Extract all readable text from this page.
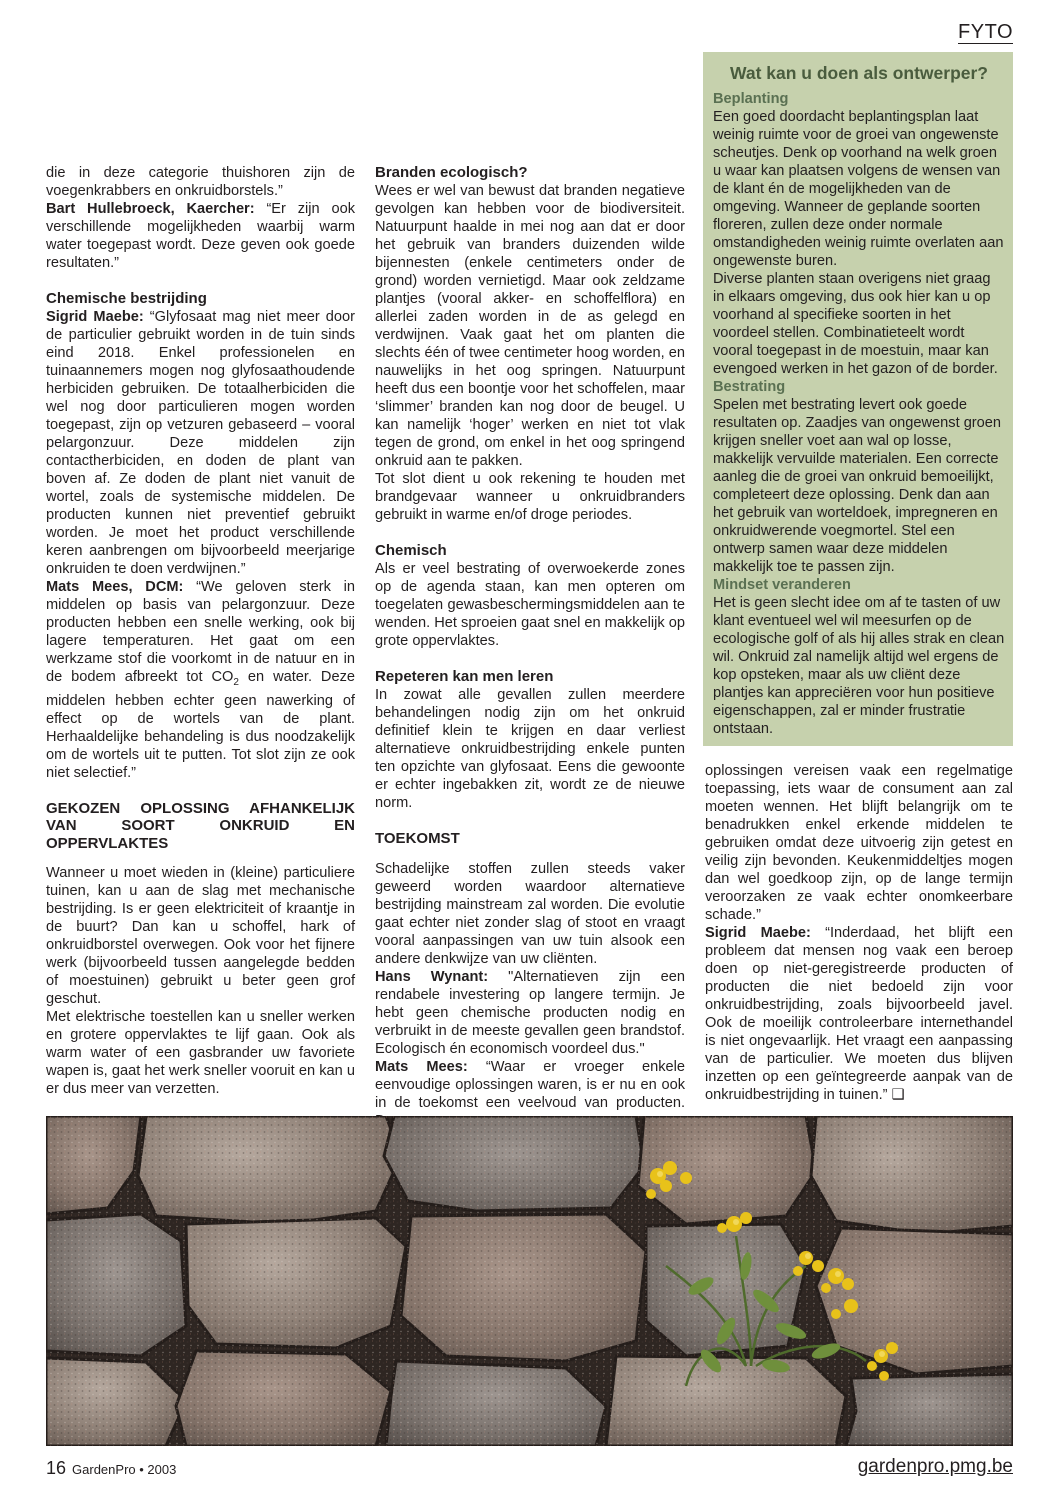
FYTO

die in deze categorie thuishoren zijn de voegenkrabbers en onkruidborstels.”

Bart Hullebroeck, Kaercher: “Er zijn ook verschillende mogelijkheden waarbij warm water toegepast wordt. Deze geven ook goede resultaten.”

Chemische bestrijding

Sigrid Maebe: “Glyfosaat mag niet meer door de particulier gebruikt worden in de tuin sinds eind 2018. Enkel professionelen en tuinaannemers mogen nog glyfosaathoudende herbiciden gebruiken. De totaalherbiciden die wel nog door particulieren mogen worden toegepast, zijn op vetzuren gebaseerd – vooral pelargonzuur. Deze middelen zijn contactherbiciden, en doden de plant van boven af. Ze doden de plant niet vanuit de wortel, zoals de systemische middelen. De producten kunnen niet preventief gebruikt worden. Je moet het product verschillende keren aanbrengen om bijvoorbeeld meerjarige onkruiden te doen verdwijnen.”

Mats Mees, DCM: “We geloven sterk in middelen op basis van pelargonzuur. Deze producten hebben een snelle werking, ook bij lagere temperaturen. Het gaat om een werkzame stof die voorkomt in de natuur en in de bodem afbreekt tot $CO_2$ en water. Deze middelen hebben echter geen nawerking of effect op de wortels van de plant. Herhaaldelijke behandeling is dus noodzakelijk om de wortels uit te putten. Tot slot zijn ze ook niet selectief.”

GEKOZEN OPLOSSING AFHANKELIJK VAN SOORT ONKRUID EN OPPERVLAKTES

Wanneer u moet wieden in (kleine) particuliere tuinen, kan u aan de slag met mechanische bestrijding. Is er geen elektriciteit of kraantje in de buurt? Dan kan u schoffel, hark of onkruidborstel overwegen. Ook voor het fijnere werk (bijvoorbeeld tussen aangelegde bedden of moestuinen) gebruikt u beter geen grof geschut.

Met elektrische toestellen kan u sneller werken en grotere oppervlaktes te lijf gaan. Ook als warm water of een gasbrander uw favoriete wapen is, gaat het werk sneller vooruit en kan u er dus meer van verzetten.

Branden ecologisch?

Wees er wel van bewust dat branden negatieve gevolgen kan hebben voor de biodiversiteit. Natuurpunt haalde in mei nog aan dat er door het gebruik van branders duizenden wilde bijennesten (enkele centimeters onder de grond) worden vernietigd. Maar ook zeldzame plantjes (vooral akker- en schoffelflora) en allerlei zaden worden in de as gelegd en verdwijnen. Vaak gaat het om planten die slechts één of twee centimeter hoog worden, en nauwelijks in het oog springen. Natuurpunt heeft dus een boontje voor het schoffelen, maar ‘slimmer’ branden kan nog door de beugel. U kan namelijk ‘hoger’ werken en niet tot vlak tegen de grond, om enkel in het oog springend onkruid aan te pakken.

Tot slot dient u ook rekening te houden met brandgevaar wanneer u onkruidbranders gebruikt in warme en/of droge periodes.

Chemisch

Als er veel bestrating of overwoekerde zones op de agenda staan, kan men opteren om toegelaten gewasbeschermingsmiddelen aan te wenden. Het sproeien gaat snel en makkelijk op grote oppervlaktes.

Repeteren kan men leren

In zowat alle gevallen zullen meerdere behandelingen nodig zijn om het onkruid definitief klein te krijgen en daar verliest alternatieve onkruidbestrijding enkele punten ten opzichte van glyfosaat. Eens die gewoonte er echter ingebakken zit, wordt ze de nieuwe norm.

TOEKOMST

Schadelijke stoffen zullen steeds vaker geweerd worden waardoor alternatieve bestrijding mainstream zal worden. Die evolutie gaat echter niet zonder slag of stoot en vraagt vooral aanpassingen van uw tuin alsook een andere denkwijze van uw cliënten.

Hans Wynant: "Alternatieven zijn een rendabele investering op langere termijn. Je hebt geen chemische producten nodig en verbruikt in de meeste gevallen geen brandstof. Ecologisch én economisch voordeel dus."

Mats Mees: “Waar er vroeger enkele eenvoudige oplossingen waren, is er nu en ook in de toekomst een veelvoud van producten.

Wat kan u doen als ontwerper?
Beplanting

Een goed doordacht beplantingsplan laat weinig ruimte voor de groei van ongewenste scheutjes. Denk op voorhand na welk groen u waar kan plaatsen volgens de wensen van de klant én de mogelijkheden van de omgeving. Wanneer de geplande soorten floreren, zullen deze onder normale omstandigheden weinig ruimte overlaten aan ongewenste buren.

Diverse planten staan overigens niet graag in elkaars omgeving, dus ook hier kan u op voorhand al specifieke soorten in het voordeel stellen. Combinatieteelt wordt vooral toegepast in de moestuin, maar kan evengoed werken in het gazon of de border.

Bestrating

Spelen met bestrating levert ook goede resultaten op. Zaadjes van ongewenst groen krijgen sneller voet aan wal op losse, makkelijk vervuilde materialen. Een correcte aanleg die de groei van onkruid bemoeilijkt, completeert deze oplossing. Denk dan aan het gebruik van worteldoek, impregneren en onkruidwerende voegmortel. Stel een ontwerp samen waar deze middelen makkelijk toe te passen zijn.

Mindset veranderen

Het is geen slecht idee om af te tasten of uw klant eventueel wel wil meesurfen op de ecologische golf of als hij alles strak en clean wil. Onkruid zal namelijk altijd wel ergens de kop opsteken, maar als uw cliënt deze plantjes kan appreciëren voor hun positieve eigenschappen, zal er minder frustratie ontstaan.

oplossingen vereisen vaak een regelmatige toepassing, iets waar de consument aan zal moeten wennen. Het blijft belangrijk om te benadrukken enkel erkende middelen te gebruiken omdat deze uitvoerig zijn getest en veilig zijn bevonden. Keukenmiddeltjes mogen dan wel goedkoop zijn, op de lange termijn veroorzaken ze vaak echter onomkeerbare schade.”

Sigrid Maebe: “Inderdaad, het blijft een probleem dat mensen nog vaak een beroep doen op niet-geregistreerde producten of producten die niet bedoeld zijn voor onkruidbestrijding, zoals bijvoorbeeld javel. Ook de moeilijk controleerbare internethandel is niet ongevaarlijk. Het vraagt een aanpassing van de particulier. We moeten dus blijven inzetten op een geïntegreerde aanpak van de onkruidbestrijding in tuinen.” ❑

16 GardenPro • 2003	gardenpro.pmg.be
